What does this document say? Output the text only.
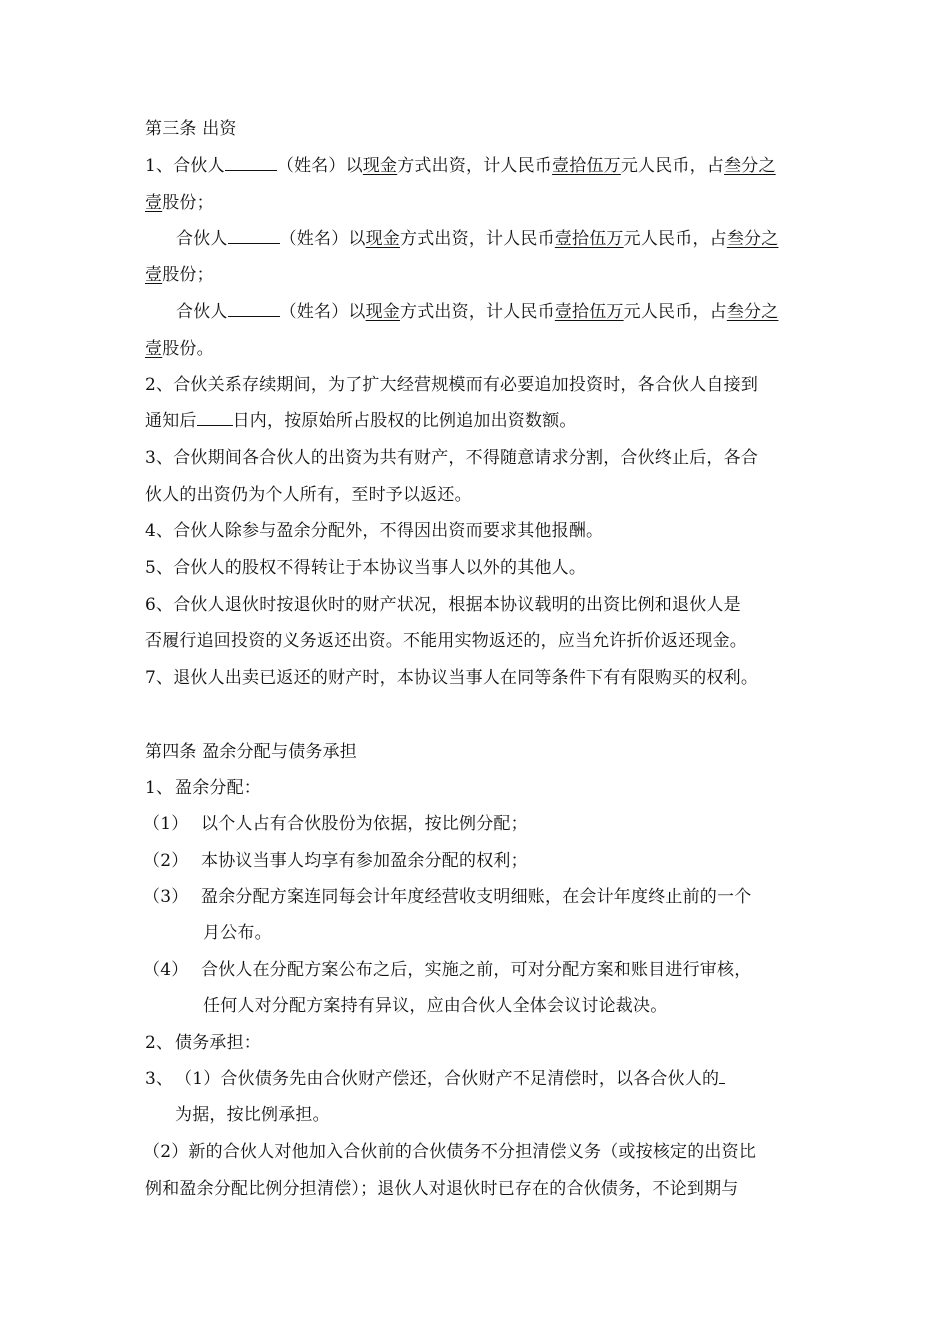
第三条 出资
1、合伙人	（姓名）以现金方式出资，计人民币壹拾伍万元人民币，占叁分之
壹股份；
合伙人	（姓名）以现金方式出资，计人民币壹拾伍万元人民币，占叁分之
壹股份；
合伙人	（姓名）以现金方式出资，计人民币壹拾伍万元人民币，占叁分之
壹股份。
2、合伙关系存续期间，为了扩大经营规模而有必要追加投资时，各合伙人自接到
通知后 日内，按原始所占股权的比例追加出资数额。
3、合伙期间各合伙人的出资为共有财产，不得随意请求分割，合伙终止后，各合
伙人的出资仍为个人所有，至时予以返还。
4、合伙人除参与盈余分配外，不得因出资而要求其他报酬。
5、合伙人的股权不得转让于本协议当事人以外的其他人。
6、合伙人退伙时按退伙时的财产状况，根据本协议载明的出资比例和退伙人是
否履行追回投资的义务返还出资。不能用实物返还的，应当允许折价返还现金。
7、退伙人出卖已返还的财产时，本协议当事人在同等条件下有有限购买的权利。
第四条 盈余分配与债务承担
1、 盈余分配：
（1） 以个人占有合伙股份为依据，按比例分配；
（2） 本协议当事人均享有参加盈余分配的权利；
（3） 盈余分配方案连同每会计年度经营收支明细账，在会计年度终止前的一个
月公布。
（4） 合伙人在分配方案公布之后，实施之前，可对分配方案和账目进行审核，
任何人对分配方案持有异议，应由合伙人全体会议讨论裁决。
2、 债务承担：
3、 （1）合伙债务先由合伙财产偿还，合伙财产不足清偿时，以各合伙人的
为据，按比例承担。
（2）新的合伙人对他加入合伙前的合伙债务不分担清偿义务（或按核定的出资比
例和盈余分配比例分担清偿）；退伙人对退伙时已存在的合伙债务，不论到期与
